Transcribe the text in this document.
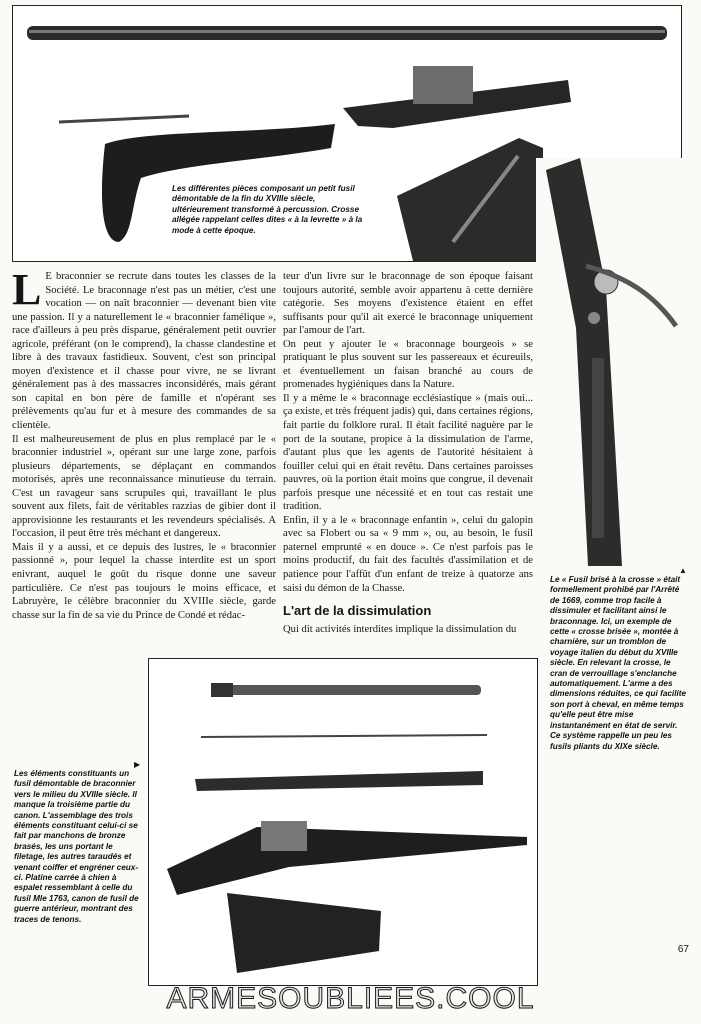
Les différentes pièces composant un petit fusil démontable de la fin du XVIIIe siècle, ultérieurement transformé à percussion. Crosse allégée rappelant celles dites « à la levrette » à la mode à cette époque.

▲

Le « Fusil brisé à la crosse » était formellement prohibé par l'Arrêté de 1669, comme trop facile à dissimuler et facilitant ainsi le braconnage. Ici, un exemple de cette « crosse brisée », montée à charnière, sur un tromblon de voyage italien du début du XVIIIe siècle. En relevant la crosse, le cran de verrouillage s'enclanche automatiquement. L'arme a des dimensions réduites, ce qui facilite son port à cheval, en même temps qu'elle peut être mise instantanément en état de servir. Ce système rappelle un peu les fusils pliants du XIXe siècle.

L E braconnier se recrute dans toutes les classes de la Société. Le braconnage n'est pas un métier, c'est une vocation — on naît braconnier — devenant bien vite une passion. Il y a naturellement le « braconnier famélique », race d'ailleurs à peu près disparue, généralement petit ouvrier agricole, préférant (on le comprend), la chasse clandestine et libre à des travaux fastidieux. Souvent, c'est son principal moyen d'existence et il chasse pour vivre, ne se livrant généralement pas à des massacres inconsidérés, mais gérant son capital en bon père de famille et n'opérant ses prélèvements qu'au fur et à mesure des commandes de sa clientèle.

Il est malheureusement de plus en plus remplacé par le « braconnier industriel », opérant sur une large zone, parfois plusieurs départements, se déplaçant en commandos motorisés, après une reconnaissance minutieuse du terrain. C'est un ravageur sans scrupules qui, travaillant le plus souvent aux filets, fait de véritables razzias de gibier dont il approvisionne les restaurants et les revendeurs spécialisés. A l'occasion, il peut être très méchant et dangereux.

Mais il y a aussi, et ce depuis des lustres, le « braconnier passionné », pour lequel la chasse interdite est un sport enivrant, auquel le goût du risque donne une saveur particulière. Ce n'est pas toujours le moins efficace, et Labruyère, le célèbre braconnier du XVIIIe siècle, garde chasse sur la fin de sa vie du Prince de Condé et rédac-

teur d'un livre sur le braconnage de son époque faisant toujours autorité, semble avoir appartenu à cette dernière catégorie. Ses moyens d'existence étaient en effet suffisants pour qu'il ait exercé le braconnage uniquement par l'amour de l'art.

On peut y ajouter le « braconnage bourgeois » se pratiquant le plus souvent sur les passereaux et écureuils, et éventuellement un faisan branché au cours de promenades hygiéniques dans la Nature.

Il y a même le « braconnage ecclésiastique » (mais oui... ça existe, et très fréquent jadis) qui, dans certaines régions, fait partie du folklore rural. Il était facilité naguère par le port de la soutane, propice à la dissimulation de l'arme, d'autant plus que les agents de l'autorité hésitaient à fouiller celui qui en était revêtu. Dans certaines paroisses pauvres, où la portion était moins que congrue, il devenait parfois presque une nécessité et en tout cas restait une tradition.

Enfin, il y a le « braconnage enfantin », celui du galopin avec sa Flobert ou sa « 9 mm », ou, au besoin, le fusil paternel emprunté « en douce ». Ce n'est parfois pas le moins productif, du fait des facultés d'assimilation et de patience pour l'affût d'un enfant de treize à quatorze ans saisi du démon de la Chasse.

L'art de la dissimulation

Qui dit activités interdites implique la dissimulation du

▶

Les éléments constituants un fusil démontable de braconnier vers le milieu du XVIIIe siècle. Il manque la troisième partie du canon. L'assemblage des trois éléments constituant celui-ci se fait par manchons de bronze brasés, les uns portant le filetage, les autres taraudés et venant coiffer et engréner ceux-ci. Platine carrée à chien à espalet ressemblant à celle du fusil Mle 1763, canon de fusil de guerre antérieur, montrant des traces de tenons.

67
ARMESOUBLIEES.COOL
